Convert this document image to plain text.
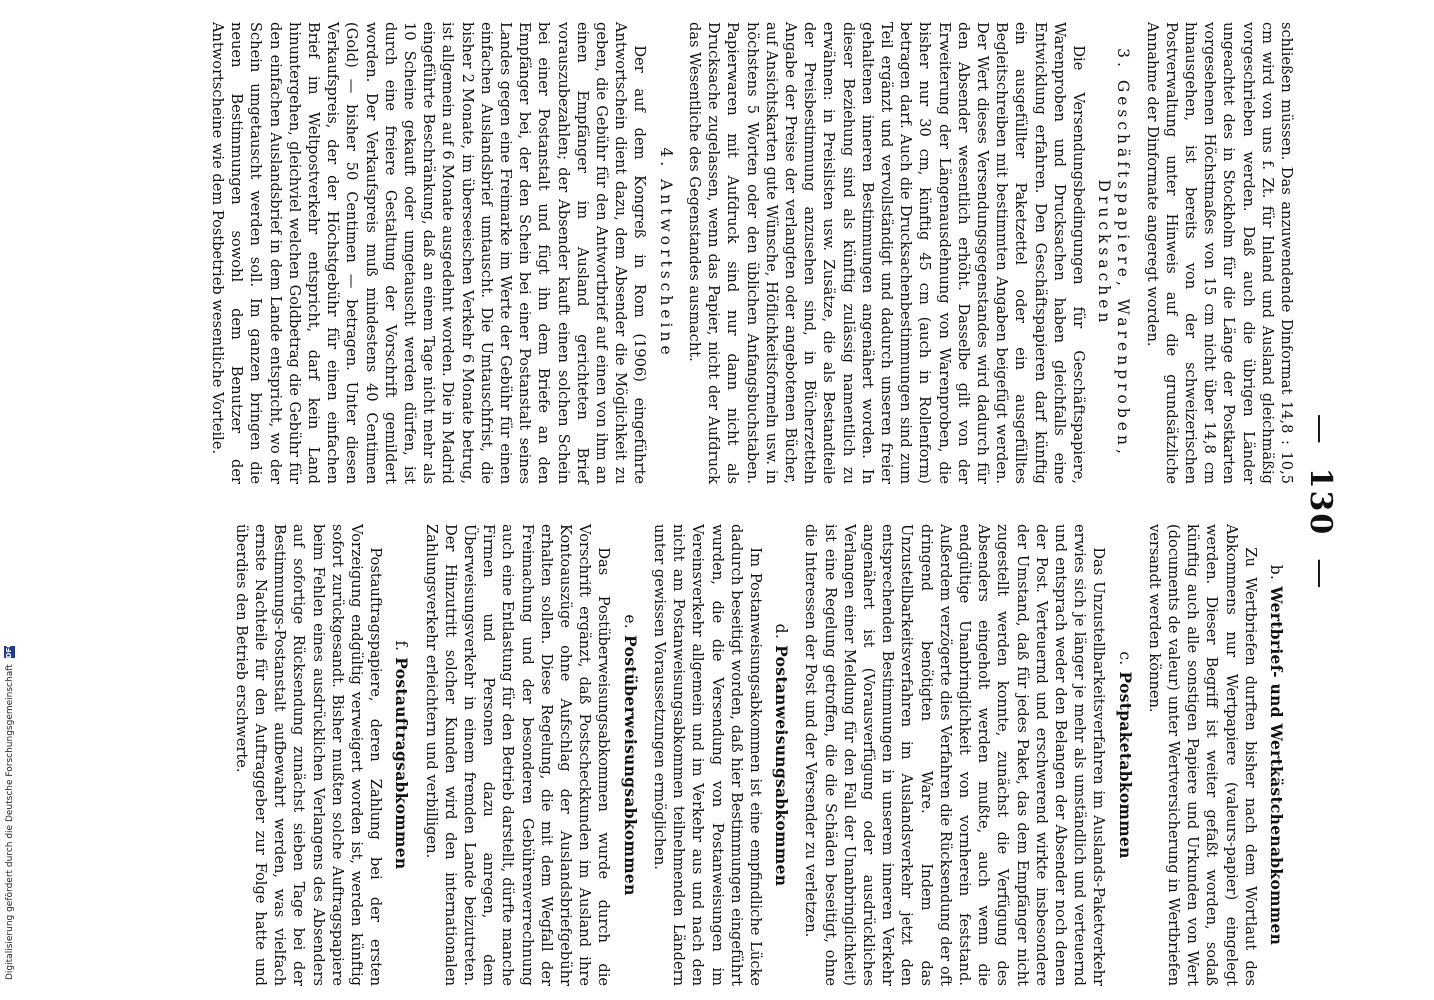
—130—

schließen müssen. Das anzuwendende Dinformat 14,8 : 10,5 cm wird von uns f. Zt. für Inland und Ausland gleichmäßig vorgeschrieben werden. Daß auch die übrigen Länder ungeachtet des in Stockholm für die Länge der Postkarten vorgesehenen Höchstmaßes von 15 cm nicht über 14,8 cm hinausgehen, ist bereits von der schweizerischen Postverwaltung unter Hinweis auf die grundsätzliche Annahme der Dinformate angeregt worden.

3. Geschäftspapiere, Warenproben, Drucksachen

Die Versendungsbedingungen für Geschäftspapiere, Warenproben und Drucksachen haben gleichfalls eine Entwicklung erfahren. Den Geschäftspapieren darf künftig ein ausgefüllter Paketzettel oder ein ausgefülltes Begleitschreiben mit bestimmten Angaben beigefügt werden. Der Wert dieses Versendungsgegenstandes wird dadurch für den Absender wesentlich erhöht. Dasselbe gilt von der Erweiterung der Längenausdehnung von Warenproben, die bisher nur 30 cm, künftig 45 cm (auch in Rollenform) betragen darf. Auch die Drucksachenbestimmungen sind zum Teil ergänzt und vervollständigt und dadurch unseren freier gehaltenen inneren Bestimmungen angenähert worden. In dieser Beziehung sind als künftig zulässig namentlich zu erwähnen: in Preislisten usw. Zusätze, die als Bestandteile der Preisbestimmung anzusehen sind, in Bücherzetteln Angabe der Preise der verlangten oder angebotenen Bücher, auf Ansichtskarten gute Wünsche, Höflichkeitsformeln usw. in höchstens 5 Worten oder den üblichen Anfangsbuchstaben. Papierwaren mit Aufdruck sind nur dann nicht als Drucksache zugelassen, wenn das Papier, nicht der Aufdruck das Wesentliche des Gegenstandes ausmacht.

4. Antwortscheine

Der auf dem Kongreß in Rom (1906) eingeführte Antwortschein dient dazu, dem Absender die Möglichkeit zu geben, die Gebühr für den Antwortbrief auf einen von ihm an einen Empfänger im Ausland gerichteten Brief vorauszubezahlen; der Absender kauft einen solchen Schein bei einer Postanstalt und fügt ihn dem Briefe an den Empfänger bei, der den Schein bei einer Postanstalt seines Landes gegen eine Freimarke im Werte der Gebühr für einen einfachen Auslandsbrief umtauscht. Die Umtauschfrist, die bisher 2 Monate, im überseeischen Verkehr 6 Monate betrug, ist allgemein auf 6 Monate ausgedehnt worden. Die in Madrid eingeführte Beschränkung, daß an einem Tage nicht mehr als 10 Scheine gekauft oder umgetauscht werden dürfen, ist durch eine freiere Gestaltung der Vorschrift gemildert worden. Der Verkaufspreis muß mindestens 40 Centimen (Gold) — bisher 50 Centimen — betragen. Unter diesen Verkaufspreis, der der Höchstgebühr für einen einfachen Brief im Weltpostverkehr entspricht, darf kein Land hinuntergehen, gleichviel welchen Goldbetrag die Gebühr für den einfachen Auslandsbrief in dem Lande entspricht, wo der Schein umgetauscht werden soll. Im ganzen bringen die neuen Bestimmungen sowohl dem Benutzer der Antwortscheine wie dem Postbetrieb wesentliche Vorteile.

b.Wertbrief- und Wertkästchenabkommen

Zu Wertbriefen durften bisher nach dem Wortlaut des Abkommens nur Wertpapiere (valeurs-papier) eingelegt werden. Dieser Begriff ist weiter gefaßt worden, sodaß künftig auch alle sonstigen Papiere und Urkunden von Wert (documents de valeur) unter Wertversicherung in Wertbriefen versandt werden können.

c.Postpaketabkommen

Das Unzustellbarkeitsverfahren im Auslands-Paketverkehr erwies sich je länger je mehr als umständlich und verteuernd und entsprach weder den Belangen der Absender noch denen der Post. Verteuernd und erschwerend wirkte insbesondere der Umstand, daß für jedes Paket, das dem Empfänger nicht zugestellt werden konnte, zunächst die Verfügung des Absenders eingeholt werden mußte, auch wenn die endgültige Unanbringlichkeit von vornherein feststand. Außerdem verzögerte dies Verfahren die Rücksendung der oft dringend benötigten Ware. Indem das Unzustellbarkeitsverfahren im Auslandsverkehr jetzt den entsprechenden Bestimmungen in unserem inneren Verkehr angenähert ist (Vorausverfügung oder ausdrückliches Verlangen einer Meldung für den Fall der Unanbringlichkeit) ist eine Regelung getroffen, die die Schäden beseitigt, ohne die Interessen der Post und der Versender zu verletzen.

d.Postanweisungsabkommen

Im Postanweisungsabkommen ist eine empfindliche Lücke dadurch beseitigt worden, daß hier Bestimmungen eingeführt wurden, die die Versendung von Postanweisungen im Vereinsverkehr allgemein und im Verkehr aus und nach den nicht am Postanweisungsabkommen teilnehmenden Ländern unter gewissen Voraussetzungen ermöglichen.

e.Postüberweisungsabkommen

Das Postüberweisungsabkommen wurde durch die Vorschrift ergänzt, daß Postscheckkunden im Ausland ihre Kontoauszüge ohne Aufschlag der Auslandsbriefgebühr erhalten sollen. Diese Regelung, die mit dem Wegfall der Freimachung und der besonderen Gebührenverrechnung auch eine Entlastung für den Betrieb darstellt, dürfte manche Firmen und Personen dazu anregen, dem Überweisungsverkehr in einem fremden Lande beizutreten. Der Hinzutritt solcher Kunden wird den internationalen Zahlungsverkehr erleichtern und verbilligen.

f.Postauftragsabkommen

Postauftragspapiere, deren Zahlung bei der ersten Vorzeigung endgültig verweigert worden ist, werden künftig sofort zurückgesandt. Bisher mußten solche Auftragspapiere beim Fehlen eines ausdrücklichen Verlangens des Absenders auf sofortige Rücksendung zunächst sieben Tage bei der Bestimmungs-Postanstalt aufbewahrt werden, was vielfach ernste Nachteile für den Auftraggeber zur Folge hatte und überdies den Betrieb erschwerte.

Digitalisierung gefördert durch die Deutsche Forschungsgemeinschaft DFG
